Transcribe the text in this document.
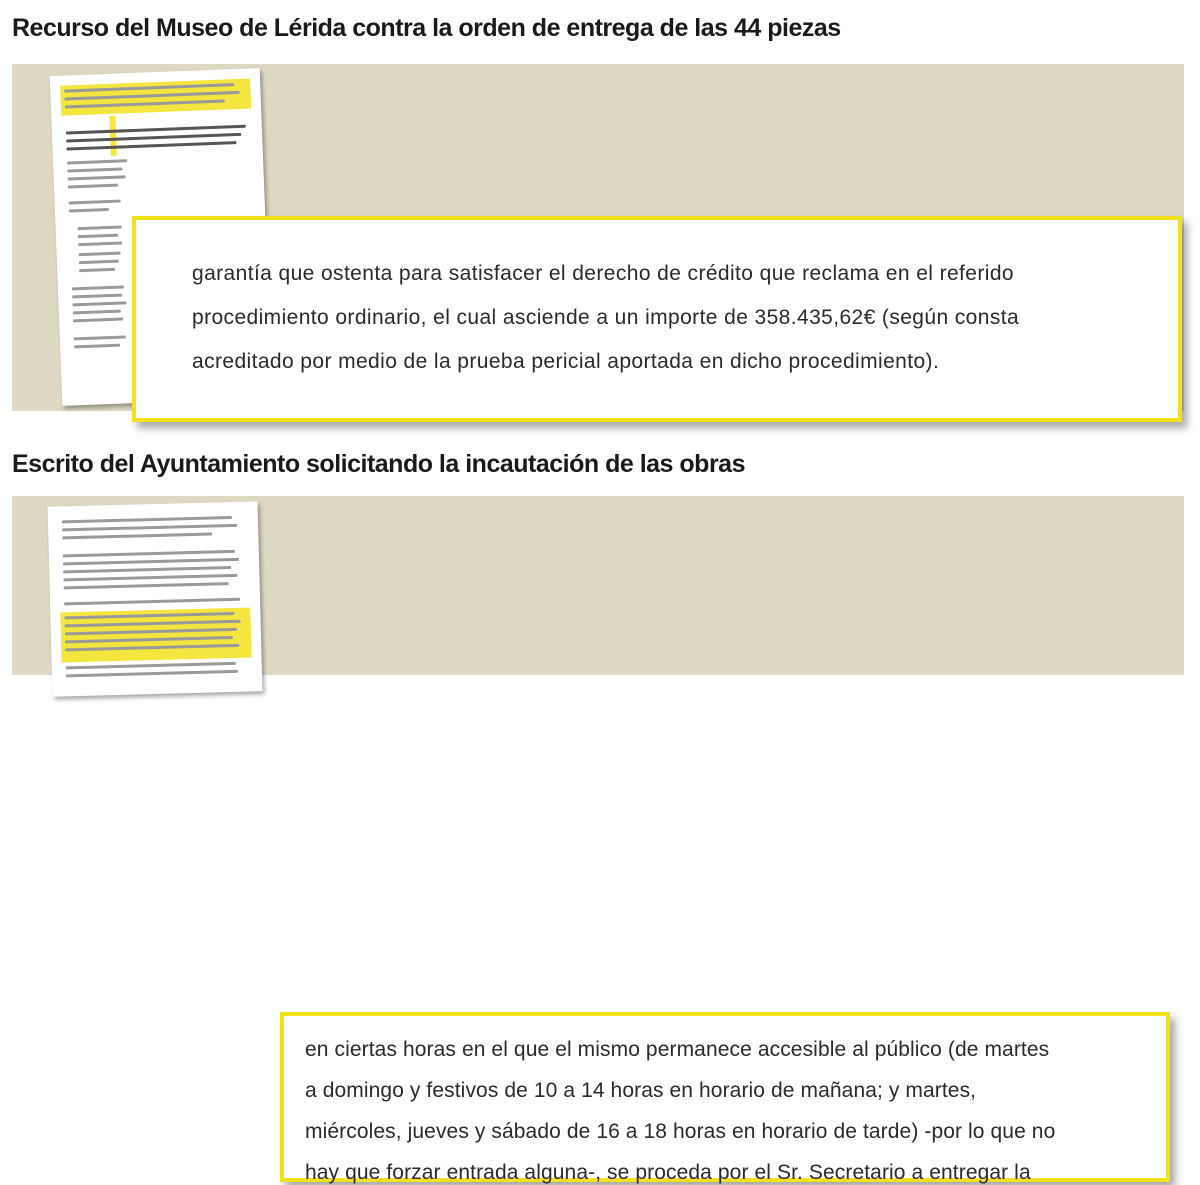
Recurso del Museo de Lérida contra la orden de entrega de las 44 piezas

garantía que ostenta para satisfacer el derecho de crédito que reclama en el referido

procedimiento ordinario, el cual asciende a un importe de 358.435,62€ (según consta

acreditado por medio de la prueba pericial aportada en dicho procedimiento).

Escrito del Ayuntamiento solicitando la incautación de las obras

en ciertas horas en el que el mismo permanece accesible al público (de martes

a domingo y festivos de 10 a 14 horas en horario de mañana; y martes,

miércoles, jueves y sábado de 16 a 18 horas en horario de tarde) -por lo que no

hay que forzar entrada alguna-, se proceda por el Sr. Secretario a entregar la
